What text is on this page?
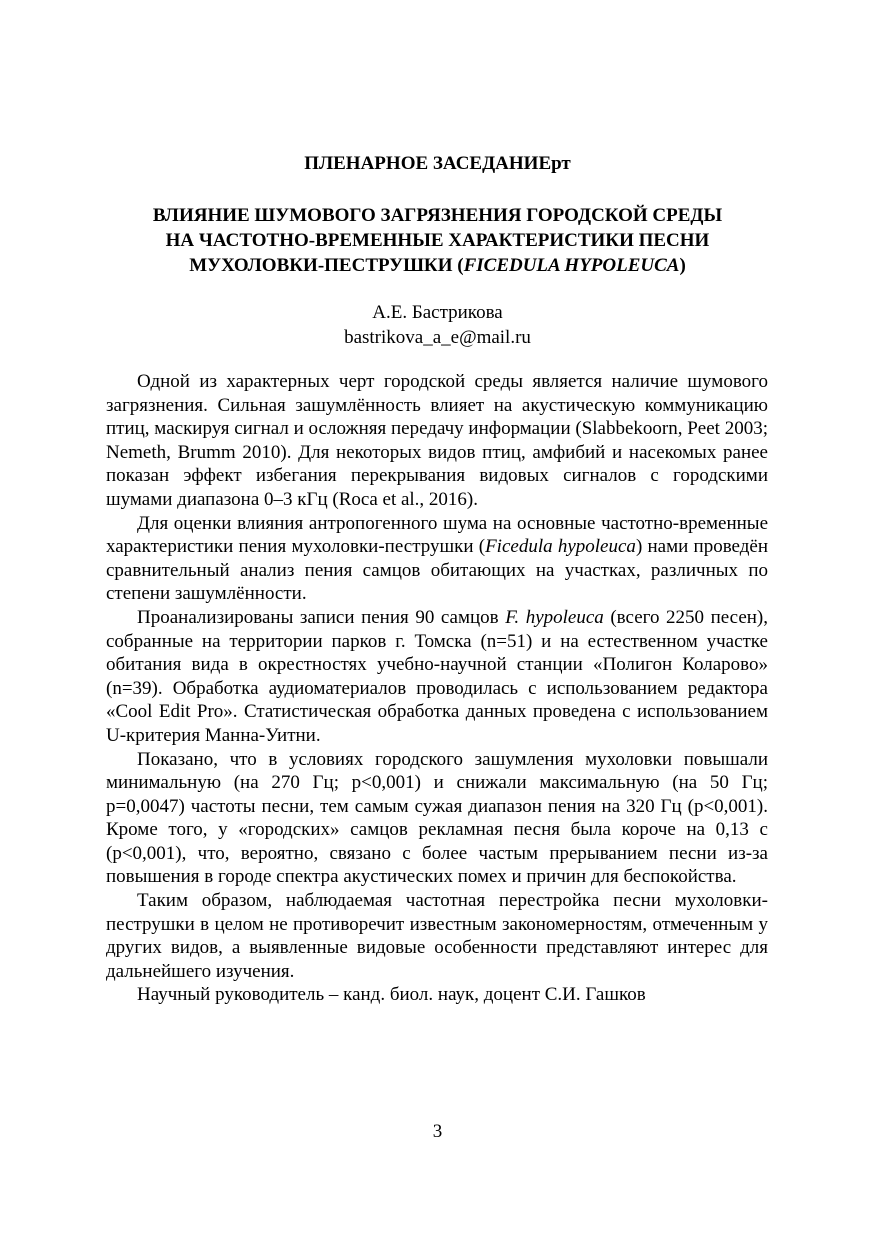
ПЛЕНАРНОЕ ЗАСЕДАНИЕрт
ВЛИЯНИЕ ШУМОВОГО ЗАГРЯЗНЕНИЯ ГОРОДСКОЙ СРЕДЫ
НА ЧАСТОТНО-ВРЕМЕННЫЕ ХАРАКТЕРИСТИКИ ПЕСНИ
МУХОЛОВКИ-ПЕСТРУШКИ (FICEDULA HYPOLEUCA)
А.Е. Бастрикова
bastrikova_a_e@mail.ru

Одной из характерных черт городской среды является наличие шумового загрязнения. Сильная зашумлённость влияет на акустическую коммуникацию птиц, маскируя сигнал и осложняя передачу информации (Slabbekoorn, Peet 2003; Nemeth, Brumm 2010). Для некоторых видов птиц, амфибий и насекомых ранее показан эффект избегания перекрывания видовых сигналов с городскими шумами диапазона 0–3 кГц (Roca et al., 2016).

Для оценки влияния антропогенного шума на основные частотно-временные характеристики пения мухоловки-пеструшки (Ficedula hypoleuca) нами проведён сравнительный анализ пения самцов обитающих на участках, различных по степени зашумлённости.

Проанализированы записи пения 90 самцов F. hypoleuca (всего 2250 песен), собранные на территории парков г. Томска (n=51) и на естественном участке обитания вида в окрестностях учебно-научной станции «Полигон Коларово» (n=39). Обработка аудиоматериалов проводилась с использованием редактора «Cool Edit Pro». Статистическая обработка данных проведена с использованием U-критерия Манна-Уитни.

Показано, что в условиях городского зашумления мухоловки повышали минимальную (на 270 Гц; p<0,001) и снижали максимальную (на 50 Гц; p=0,0047) частоты песни, тем самым сужая диапазон пения на 320 Гц (p<0,001). Кроме того, у «городских» самцов рекламная песня была короче на 0,13 с (p<0,001), что, вероятно, связано с более частым прерыванием песни из-за повышения в городе спектра акустических помех и причин для беспокойства.

Таким образом, наблюдаемая частотная перестройка песни мухоловки-пеструшки в целом не противоречит известным закономерностям, отмеченным у других видов, а выявленные видовые особенности представляют интерес для дальнейшего изучения.

Научный руководитель – канд. биол. наук, доцент С.И. Гашков

3
